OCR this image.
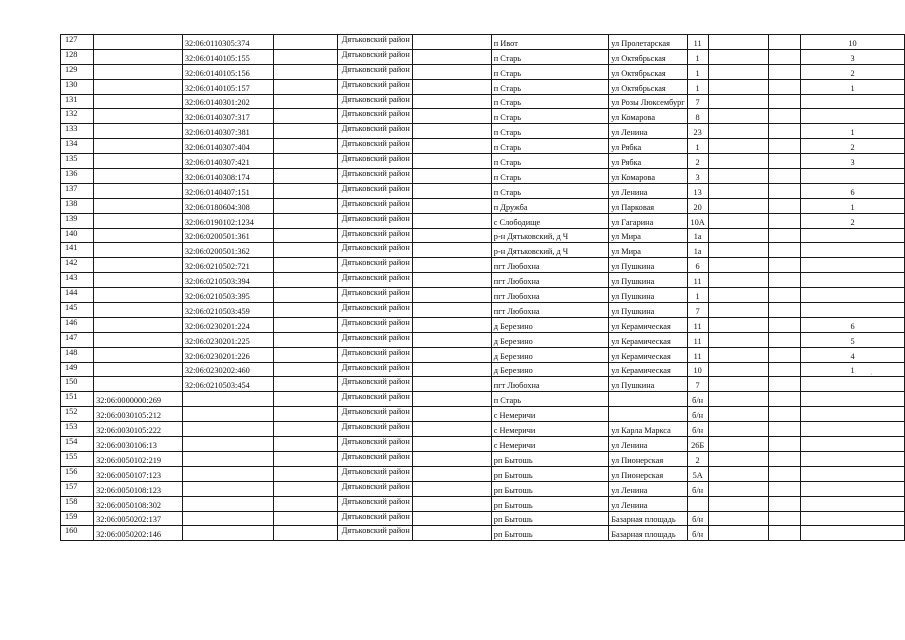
127		32:06:0110305:374		Дятьковский район		п Ивот	ул Пролетарская	11			10
128		32:06:0140105:155		Дятьковский район		п Старь	ул Октябрьская	1			3
129		32:06:0140105:156		Дятьковский район		п Старь	ул Октябрьская	1			2
130		32:06:0140105:157		Дятьковский район		п Старь	ул Октябрьская	1			1
131		32:06:0140301:202		Дятьковский район		п Старь	ул Розы Люксембург	7			
132		32:06:0140307:317		Дятьковский район		п Старь	ул Комарова	8			
133		32:06:0140307:381		Дятьковский район		п Старь	ул Ленина	23			1
134		32:06:0140307:404		Дятьковский район		п Старь	ул Рябка	1			2
135		32:06:0140307:421		Дятьковский район		п Старь	ул Рябка	2			3
136		32:06:0140308:174		Дятьковский район		п Старь	ул Комарова	3			
137		32:06:0140407:151		Дятьковский район		п Старь	ул Ленина	13			6
138		32:06:0180604:308		Дятьковский район		п Дружба	ул Парковая	20			1
139		32:06:0190102:1234		Дятьковский район		с Слободище	ул Гагарина	10А			2
140		32:06:0200501:361		Дятьковский район		р-н Дятьковский, д Ч	ул Мира	1а			
141		32:06:0200501:362		Дятьковский район		р-н Дятьковский, д Ч	ул Мира	1а			
142		32:06:0210502:721		Дятьковский район		пгт Любохна	ул Пушкина	6			
143		32:06:0210503:394		Дятьковский район		пгт Любохна	ул Пушкина	11			
144		32:06:0210503:395		Дятьковский район		пгт Любохна	ул Пушкина	1			
145		32:06:0210503:459		Дятьковский район		пгт Любохна	ул Пушкина	7			
146		32:06:0230201:224		Дятьковский район		д Березино	ул Керамическая	11			6
147		32:06:0230201:225		Дятьковский район		д Березино	ул Керамическая	11			5
148		32:06:0230201:226		Дятьковский район		д Березино	ул Керамическая	11			4
149		32:06:0230202:460		Дятьковский район		д Березино	ул Керамическая	10			1
150		32:06:0210503:454		Дятьковский район		пгт Любохна	ул Пушкина	7			
151	32:06:0000000:269			Дятьковский район		п Старь		б/н			
152	32:06:0030105:212			Дятьковский район		с Немеричи		б/н			
153	32:06:0030105:222			Дятьковский район		с Немеричи	ул Карла Маркса	б/н			
154	32:06:0030106:13			Дятьковский район		с Немеричи	ул Ленина	26Б			
155	32:06:0050102:219			Дятьковский район		рп Бытошь	ул Пионерская	2			
156	32:06:0050107:123			Дятьковский район		рп Бытошь	ул Пионерская	5А			
157	32:06:0050108:123			Дятьковский район		рп Бытошь	ул Ленина	б/н			
158	32:06:0050108:302			Дятьковский район		рп Бытошь	ул Ленина				
159	32:06:0050202:137			Дятьковский район		рп Бытошь	Базарная площадь	б/н			
160	32:06:0050202:146			Дятьковский район		рп Бытошь	Базарная площадь	б/н			
·
